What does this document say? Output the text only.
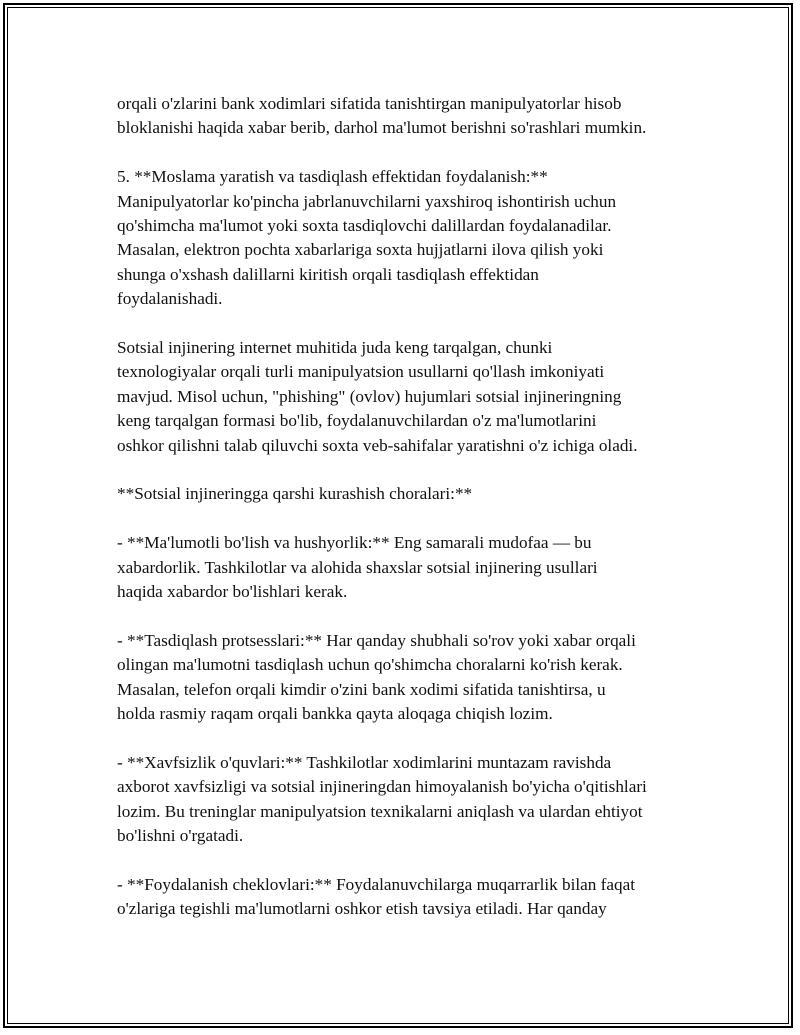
orqali o'zlarini bank xodimlari sifatida tanishtirgan manipulyatorlar hisob
bloklanishi haqida xabar berib, darhol ma'lumot berishni so'rashlari mumkin.

5. **Moslama yaratish va tasdiqlash effektidan foydalanish:**
Manipulyatorlar ko'pincha jabrlanuvchilarni yaxshiroq ishontirish uchun
qo'shimcha ma'lumot yoki soxta tasdiqlovchi dalillardan foydalanadilar.
Masalan, elektron pochta xabarlariga soxta hujjatlarni ilova qilish yoki
shunga o'xshash dalillarni kiritish orqali tasdiqlash effektidan
foydalanishadi.

Sotsial injinering internet muhitida juda keng tarqalgan, chunki
texnologiyalar orqali turli manipulyatsion usullarni qo'llash imkoniyati
mavjud. Misol uchun, "phishing" (ovlov) hujumlari sotsial injineringning
keng tarqalgan formasi bo'lib, foydalanuvchilardan o'z ma'lumotlarini
oshkor qilishni talab qiluvchi soxta veb-sahifalar yaratishni o'z ichiga oladi.

**Sotsial injineringga qarshi kurashish choralari:**

- **Ma'lumotli bo'lish va hushyorlik:** Eng samarali mudofaa — bu
xabardorlik. Tashkilotlar va alohida shaxslar sotsial injinering usullari
haqida xabardor bo'lishlari kerak.

- **Tasdiqlash protsesslari:** Har qanday shubhali so'rov yoki xabar orqali
olingan ma'lumotni tasdiqlash uchun qo'shimcha choralarni ko'rish kerak.
Masalan, telefon orqali kimdir o'zini bank xodimi sifatida tanishtirsa, u
holda rasmiy raqam orqali bankka qayta aloqaga chiqish lozim.

- **Xavfsizlik o'quvlari:** Tashkilotlar xodimlarini muntazam ravishda
axborot xavfsizligi va sotsial injineringdan himoyalanish bo'yicha o'qitishlari
lozim. Bu treninglar manipulyatsion texnikalarni aniqlash va ulardan ehtiyot
bo'lishni o'rgatadi.

- **Foydalanish cheklovlari:** Foydalanuvchilarga muqarrarlik bilan faqat
o'zlariga tegishli ma'lumotlarni oshkor etish tavsiya etiladi. Har qanday
